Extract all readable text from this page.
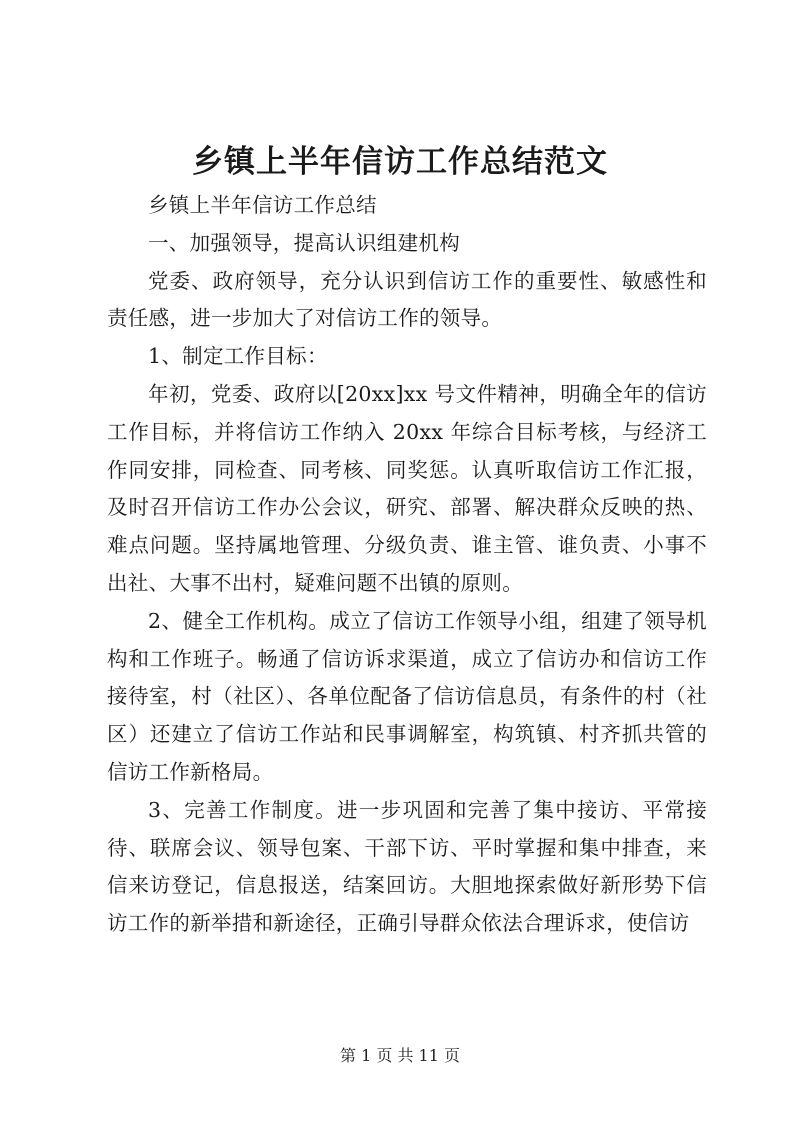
乡镇上半年信访工作总结范文

乡镇上半年信访工作总结

一、加强领导，提高认识组建机构

党委、政府领导，充分认识到信访工作的重要性、敏感性和责任感，进一步加大了对信访工作的领导。

1、制定工作目标：

年初，党委、政府以[20xx]xx 号文件精神，明确全年的信访工作目标，并将信访工作纳入 20xx 年综合目标考核，与经济工作同安排，同检查、同考核、同奖惩。认真听取信访工作汇报，及时召开信访工作办公会议，研究、部署、解决群众反映的热、难点问题。坚持属地管理、分级负责、谁主管、谁负责、小事不出社、大事不出村，疑难问题不出镇的原则。

2、健全工作机构。成立了信访工作领导小组，组建了领导机构和工作班子。畅通了信访诉求渠道，成立了信访办和信访工作接待室，村（社区）、各单位配备了信访信息员，有条件的村（社区）还建立了信访工作站和民事调解室，构筑镇、村齐抓共管的信访工作新格局。

3、完善工作制度。进一步巩固和完善了集中接访、平常接待、联席会议、领导包案、干部下访、平时掌握和集中排查，来信来访登记，信息报送，结案回访。大胆地探索做好新形势下信访工作的新举措和新途径，正确引导群众依法合理诉求，使信访

第 1 页 共 11 页
